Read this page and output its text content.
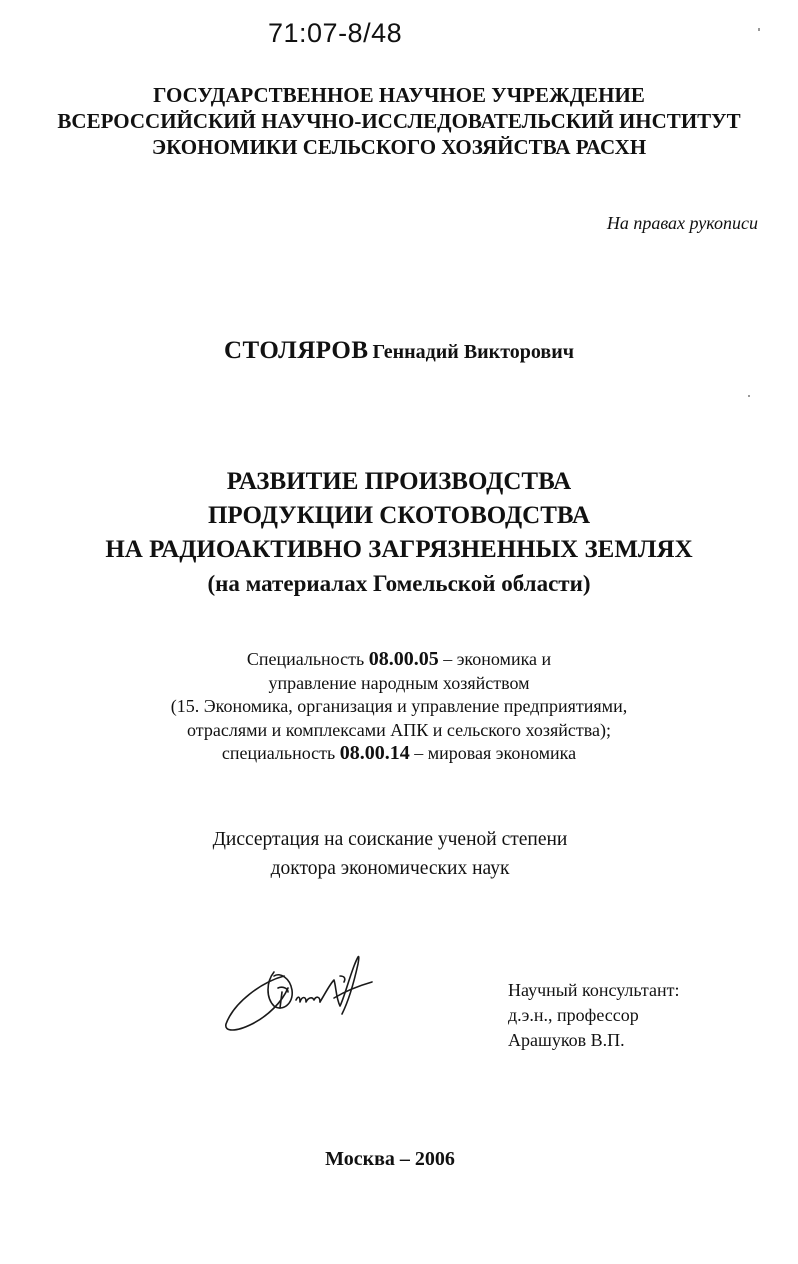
71:07-8/48
ГОСУДАРСТВЕННОЕ НАУЧНОЕ УЧРЕЖДЕНИЕ
ВСЕРОССИЙСКИЙ НАУЧНО-ИССЛЕДОВАТЕЛЬСКИЙ ИНСТИТУТ
ЭКОНОМИКИ СЕЛЬСКОГО ХОЗЯЙСТВА РАСХН
На правах рукописи
СТОЛЯРОВ Геннадий Викторович
РАЗВИТИЕ ПРОИЗВОДСТВА
ПРОДУКЦИИ СКОТОВОДСТВА
НА РАДИОАКТИВНО ЗАГРЯЗНЕННЫХ ЗЕМЛЯХ
(на материалах Гомельской области)
Специальность 08.00.05 – экономика и
управление народным хозяйством
(15. Экономика, организация и управление предприятиями,
отраслями и комплексами АПК и сельского хозяйства);
специальность 08.00.14 – мировая экономика
Диссертация на соискание ученой степени
доктора экономических наук
Научный консультант:
д.э.н., профессор
Арашуков В.П.
Москва – 2006
